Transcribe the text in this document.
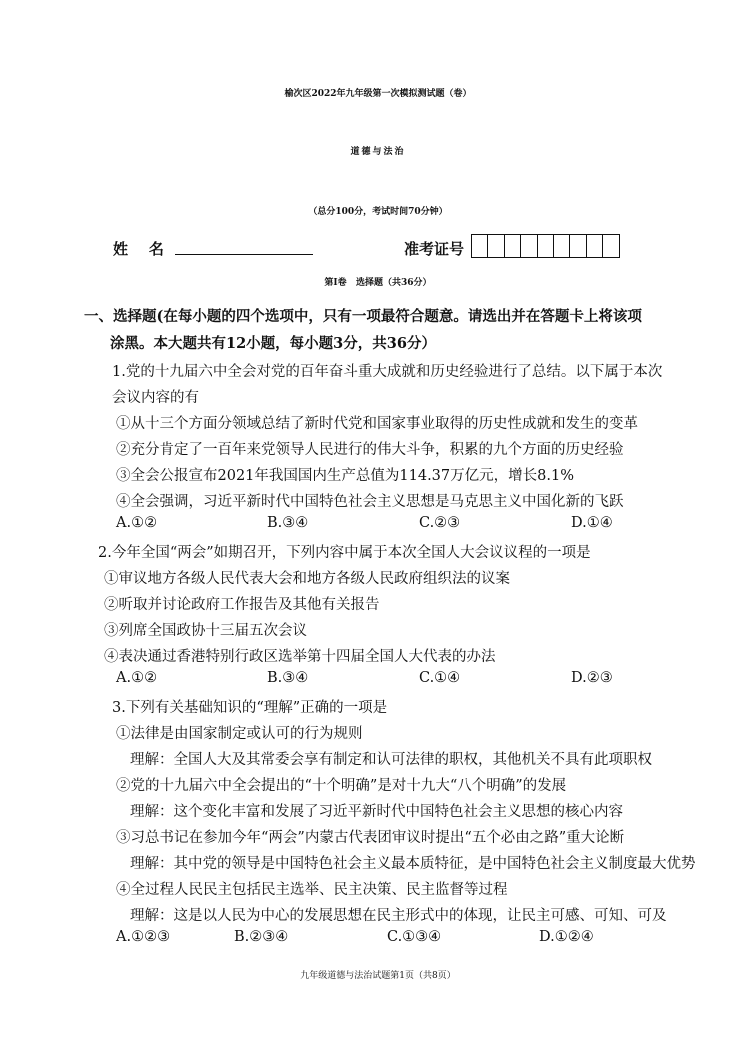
榆次区2022年九年级第一次模拟测试题（卷）
道德与法治
（总分100分，考试时间70分钟）
姓    名	准考证号
第Ⅰ卷   选择题（共36分）
一、选择题(在每小题的四个选项中，只有一项最符合题意。请选出并在答题卡上将该项
涂黑。本大题共有12小题，每小题3分，共36分）
1.党的十九届六中全会对党的百年奋斗重大成就和历史经验进行了总结。以下属于本次
会议内容的有
①从十三个方面分领域总结了新时代党和国家事业取得的历史性成就和发生的变革
②充分肯定了一百年来党领导人民进行的伟大斗争，积累的九个方面的历史经验
③全会公报宣布2021年我国国内生产总值为114.37万亿元，增长8.1%
④全会强调，习近平新时代中国特色社会主义思想是马克思主义中国化新的飞跃
A.①②	B.③④	C.②③	D.①④
2.今年全国“两会”如期召开，下列内容中属于本次全国人大会议议程的一项是
①审议地方各级人民代表大会和地方各级人民政府组织法的议案
②听取并讨论政府工作报告及其他有关报告
③列席全国政协十三届五次会议
④表决通过香港特别行政区选举第十四届全国人大代表的办法
A.①②	B.③④	C.①④	D.②③
3.下列有关基础知识的“理解”正确的一项是
①法律是由国家制定或认可的行为规则
理解：全国人大及其常委会享有制定和认可法律的职权，其他机关不具有此项职权
②党的十九届六中全会提出的“十个明确”是对十九大“八个明确”的发展
理解：这个变化丰富和发展了习近平新时代中国特色社会主义思想的核心内容
③习总书记在参加今年“两会”内蒙古代表团审议时提出“五个必由之路”重大论断
理解：其中党的领导是中国特色社会主义最本质特征，是中国特色社会主义制度最大优势
④全过程人民民主包括民主选举、民主决策、民主监督等过程
理解：这是以人民为中心的发展思想在民主形式中的体现，让民主可感、可知、可及
A.①②③	B.②③④	C.①③④	D.①②④
九年级道德与法治试题第1页（共8页）
